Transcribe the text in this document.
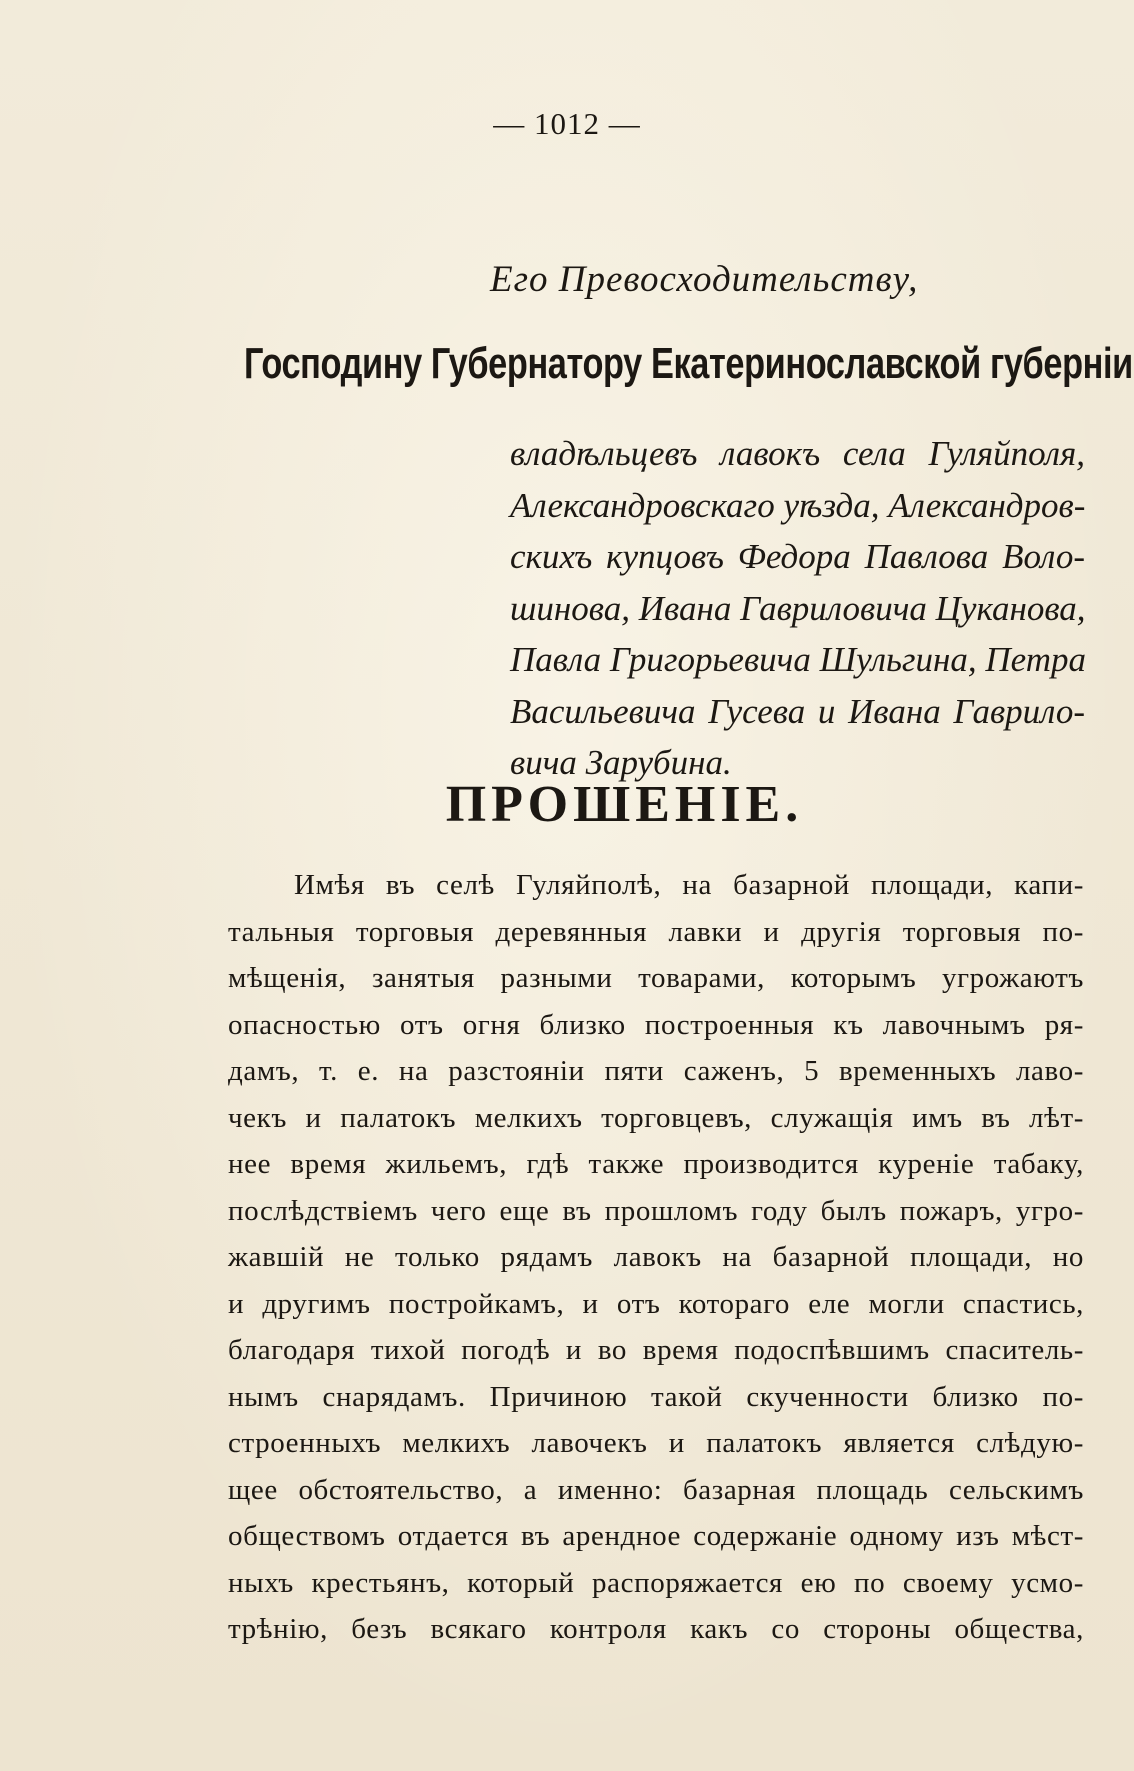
— 1012 —
Его Превосходительству,
Господину Губернатору Екатеринославской губерніи
владѣльцевъ лавокъ села Гуляйполя,
Александровскаго уѣзда, Александров-
скихъ купцовъ Федора Павлова Воло-
шинова, Ивана Гавриловича Цуканова,
Павла Григорьевича Шульгина, Петра
Васильевича Гусева и Ивана Гаврило-
вича Зарубина.
ПРОШЕНІЕ.
Имѣя въ селѣ Гуляйполѣ, на базарной площади, капи-
тальныя торговыя деревянныя лавки и другія торговыя по-
мѣщенія, занятыя разными товарами, которымъ угрожаютъ
опасностью отъ огня близко построенныя къ лавочнымъ ря-
дамъ, т. е. на разстояніи пяти саженъ, 5 временныхъ лаво-
чекъ и палатокъ мелкихъ торговцевъ, служащія имъ въ лѣт-
нее время жильемъ, гдѣ также производится куреніе табаку,
послѣдствіемъ чего еще въ прошломъ году былъ пожаръ, угро-
жавшій не только рядамъ лавокъ на базарной площади, но
и другимъ постройкамъ, и отъ котораго еле могли спастись,
благодаря тихой погодѣ и во время подоспѣвшимъ спаситель-
нымъ снарядамъ. Причиною такой скученности близко по-
строенныхъ мелкихъ лавочекъ и палатокъ является слѣдую-
щее обстоятельство, а именно: базарная площадь сельскимъ
обществомъ отдается въ арендное содержаніе одному изъ мѣст-
ныхъ крестьянъ, который распоряжается ею по своему усмо-
трѣнію, безъ всякаго контроля какъ со стороны общества,
